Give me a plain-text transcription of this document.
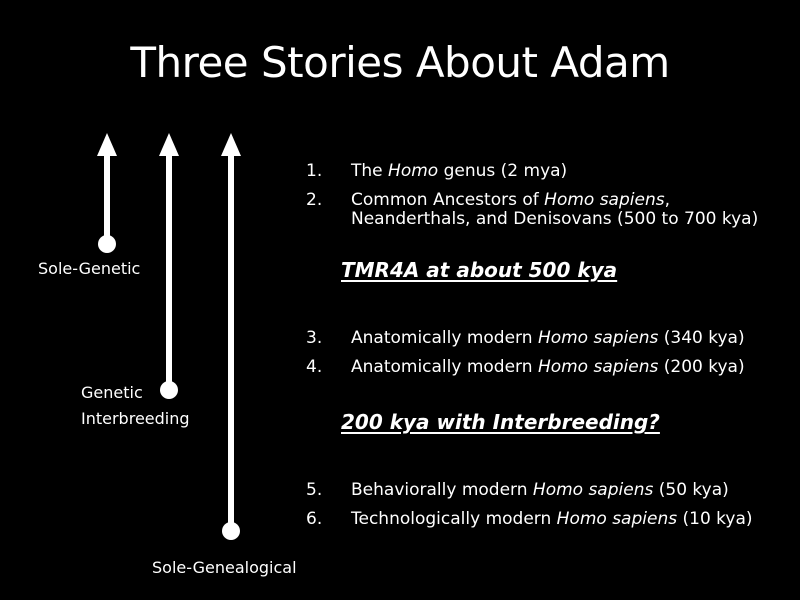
Three Stories About Adam
Sole-Genetic
Genetic
Interbreeding
Sole-Genealogical
1. The Homo genus (2 mya)
2. Common Ancestors of Homo sapiens,
Neanderthals, and Denisovans (500 to 700 kya)
TMR4A at about 500 kya
3. Anatomically modern Homo sapiens (340 kya)
4. Anatomically modern Homo sapiens (200 kya)
200 kya with Interbreeding?
5. Behaviorally modern Homo sapiens (50 kya)
6. Technologically modern Homo sapiens (10 kya)
